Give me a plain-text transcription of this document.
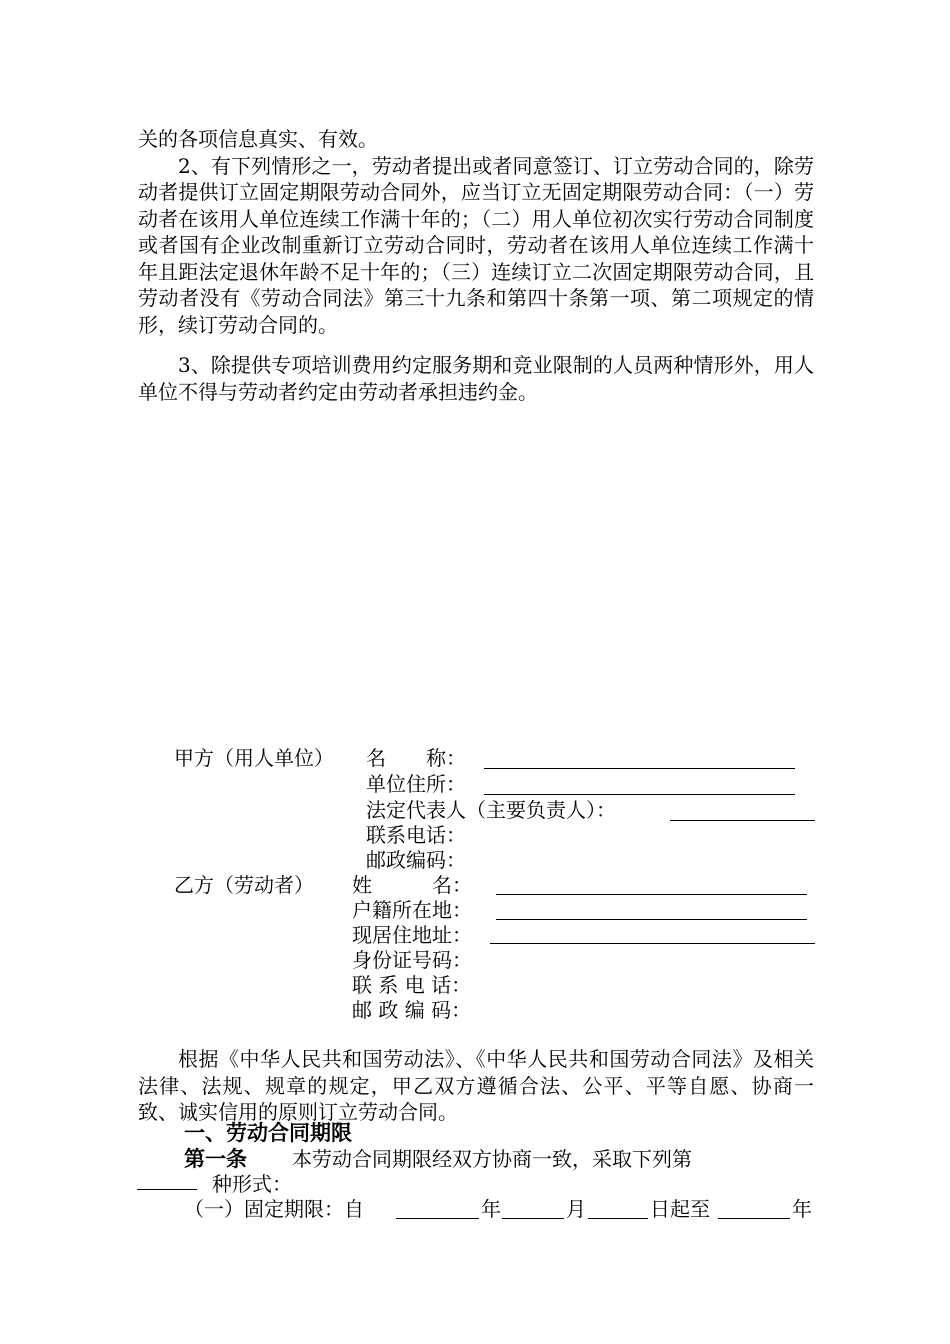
关的各项信息真实、有效。
2、有下列情形之一，劳动者提出或者同意签订、订立劳动合同的，除劳动者提供订立固定期限劳动合同外，应当订立无固定期限劳动合同：（一）劳动者在该用人单位连续工作满十年的；（二）用人单位初次实行劳动合同制度或者国有企业改制重新订立劳动合同时，劳动者在该用人单位连续工作满十年且距法定退休年龄不足十年的；（三）连续订立二次固定期限劳动合同，且劳动者没有《劳动合同法》第三十九条和第四十条第一项、第二项规定的情形，续订劳动合同的。
3、除提供专项培训费用约定服务期和竞业限制的人员两种情形外，用人单位不得与劳动者约定由劳动者承担违约金。
甲方（用人单位） 名　　称：
单位住所：
法定代表人（主要负责人）：
联系电话：
邮政编码：
乙方（劳动者） 姓　　　名：
户籍所在地：
现居住地址：
身份证号码：
联 系 电 话：
邮 政 编 码：
根据《中华人民共和国劳动法》、《中华人民共和国劳动合同法》及相关法律、法规、规章的规定，甲乙双方遵循合法、公平、平等自愿、协商一致、诚实信用的原则订立劳动合同。
一、劳动合同期限
第一条 本劳动合同期限经双方协商一致，采取下列第
种形式：
（一）固定期限：自	年	月	日起至	年
